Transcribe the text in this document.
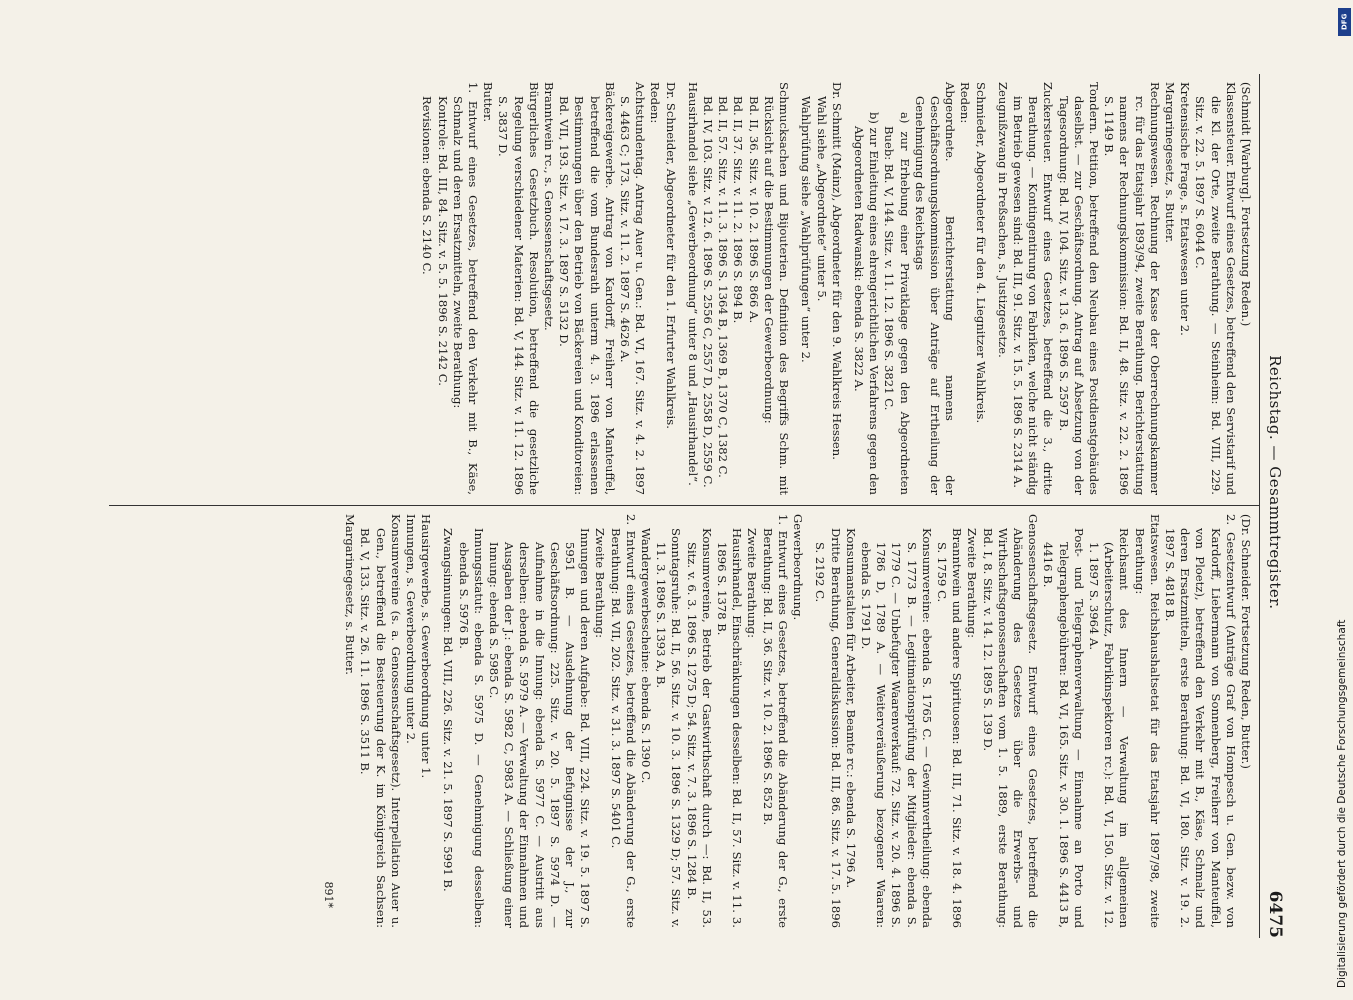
Reichstag. — Gesammtregister.
6475

(Schmidt [Warburg]. Fortsetzung Reden.)

Klassensteuer. Entwurf eines Gesetzes, betreffend den Servistarif und die Kl. der Orte, zweite Berathung. — Steinheim: Bd. VIII, 229. Sitz. v. 22. 5. 1897 S. 6044 C.

Kretensische Frage, s. Etatswesen unter 2.

Margarinegesetz, s. Butter.

Rechnungswesen. Rechnung der Kasse der Oberrechnungskammer rc. für das Etatsjahr 1893/94, zweite Berathung. Berichterstattung namens der Rechnungskommission: Bd. II, 48. Sitz. v. 22. 2. 1896 S. 1149 B.

Tondern. Petition, betreffend den Neubau eines Postdienstgebäudes daselbst. — zur Geschäftsordnung. Antrag auf Absetzung von der Tagesordnung: Bd. IV, 104. Sitz. v. 13. 6. 1896 S. 2597 B.

Zuckersteuer. Entwurf eines Gesetzes, betreffend die 3., dritte Berathung. — Kontingentirung von Fabriken, welche nicht ständig im Betrieb gewesen sind: Bd. III, 91. Sitz. v. 15. 5. 1896 S. 2314 A.

Zeugnißzwang in Preßsachen, s. Justizgesetze.

Schmieder, Abgeordneter für den 4. Liegnitzer Wahlkreis.

Reden:

Abgeordnete. Berichterstattung namens der Geschäftsordnungskommission über Anträge auf Ertheilung der Genehmigung des Reichstags

a) zur Erhebung einer Privatklage gegen den Abgeordneten Bueb: Bd. V, 144. Sitz. v. 11. 12. 1896 S. 3821 C.

b) zur Einleitung eines ehrengerichtlichen Verfahrens gegen den Abgeordneten Radwanski: ebenda S. 3822 A.

Dr. Schmitt (Mainz), Abgeordneter für den 9. Wahlkreis Hessen.

Wahl siehe „Abgeordnete“ unter 5.

Wahlprüfung siehe „Wahlprüfungen“ unter 2.

Schmucksachen und Bijouterien. Definition des Begriffs Schm. mit Rücksicht auf die Bestimmungen der Gewerbeordnung:

Bd. II, 36. Sitz. v. 10. 2. 1896 S. 866 A.

Bd. II, 37. Sitz. v. 11. 2. 1896 S. 894 B.

Bd. II, 57. Sitz. v. 11. 3. 1896 S. 1364 B, 1369 B, 1370 C, 1382 C.

Bd. IV, 103. Sitz. v. 12. 6. 1896 S. 2556 C, 2557 D, 2558 D, 2559 C.

Hausirhandel siehe „Gewerbeordnung“ unter 8 und „Hausirhandel“.

Dr. Schneider, Abgeordneter für den 1. Erfurter Wahlkreis.

Reden:

Achtstundentag. Antrag Auer u. Gen.: Bd. VI, 167. Sitz. v. 4. 2. 1897 S. 4463 C; 173. Sitz. v. 11. 2. 1897 S. 4626 A.

Bäckereigewerbe. Antrag von Kardorff, Freiherr von Manteuffel, betreffend die vom Bundesrath unterm 4. 3. 1896 erlassenen Bestimmungen über den Betrieb von Bäckereien und Konditoreien: Bd. VII, 193. Sitz. v. 17. 3. 1897 S. 5132 D.

Branntwein rc., s. Genossenschaftsgesetz.

Bürgerliches Gesetzbuch. Resolution, betreffend die gesetzliche Regelung verschiedener Materien: Bd. V, 144. Sitz. v. 11. 12. 1896 S. 3837 D.

Butter.

1. Entwurf eines Gesetzes, betreffend den Verkehr mit B., Käse, Schmalz und deren Ersatzmitteln, zweite Berathung:

Kontrole: Bd. III, 84. Sitz. v. 5. 5. 1896 S. 2142 C.

Revisionen: ebenda S. 2140 C.

(Dr. Schneider. Fortsetzung Reden, Butter.)

2. Gesetzentwurf (Anträge Graf von Hompesch u. Gen. bezw. von Kardorff, Liebermann von Sonnenberg, Freiherr von Manteuffel, von Ploetz), betreffend den Verkehr mit B., Käse, Schmalz und deren Ersatzmitteln, erste Berathung: Bd. VI, 180. Sitz. v. 19. 2. 1897 S. 4818 B.

Etatswesen. Reichshaushaltsetat für das Etatsjahr 1897/98, zweite Berathung:

Reichsamt des Innern — Verwaltung im allgemeinen (Arbeiterschutz, Fabrikinspektoren rc.): Bd. VI, 150. Sitz. v. 12. 1. 1897 S. 3964 A.

Post- und Telegraphenverwaltung — Einnahme an Porto und Telegraphengebühren: Bd. VI, 165. Sitz. v. 30. 1. 1896 S. 4413 B, 4416 B.

Genossenschaftsgesetz. Entwurf eines Gesetzes, betreffend die Abänderung des Gesetzes über die Erwerbs- und Wirthschaftsgenossenschaften vom 1. 5. 1889, erste Berathung: Bd. I, 8. Sitz. v. 14. 12. 1895 S. 139 D.

Zweite Berathung:

Branntwein und andere Spirituosen: Bd. III, 71. Sitz. v. 18. 4. 1896 S. 1759 C.

Konsumvereine: ebenda S. 1765 C. — Gewinnvertheilung: ebenda S. 1773 B. — Legitimationsprüfung der Mitglieder: ebenda S. 1779 C. — Unbefugter Waarenverkauf: 72. Sitz. v. 20. 4. 1896 S. 1786 D, 1789 A. — Weiterveräußerung bezogener Waaren: ebenda S. 1791 D.

Konsumanstalten für Arbeiter, Beamte rc.: ebenda S. 1796 A.

Dritte Berathung, Generaldiskussion: Bd. III, 86. Sitz. v. 17. 5. 1896 S. 2192 C.

Gewerbeordnung.

1. Entwurf eines Gesetzes, betreffend die Abänderung der G., erste Berathung: Bd. II, 36. Sitz. v. 10. 2. 1896 S. 852 B.

Zweite Berathung:

Hausirhandel, Einschränkungen desselben: Bd. II, 57. Sitz. v. 11. 3. 1896 S. 1378 B.

Konsumvereine, Betrieb der Gastwirthschaft durch —: Bd. II, 53. Sitz. v. 6. 3. 1896 S. 1275 D; 54. Sitz. v. 7. 3. 1896 S. 1284 B.

Sonntagsruhe: Bd. II, 56. Sitz. v. 10. 3. 1896 S. 1329 D; 57. Sitz. v. 11. 3. 1896 S. 1393 A, B.

Wandergewerbescheine: ebenda S. 1390 C.

2. Entwurf eines Gesetzes, betreffend die Abänderung der G., erste Berathung: Bd. VII, 202. Sitz. v. 31. 3. 1897 S. 5401 C.

Zweite Berathung:

Innungen und deren Aufgabe: Bd. VIII, 224. Sitz. v. 19. 5. 1897 S. 5951 B. — Ausdehnung der Befugnisse der J., zur Geschäftsordnung: 225. Sitz. v. 20. 5. 1897 S. 5974 D. — Aufnahme in die Innung: ebenda S. 5977 C. — Austritt aus derselben: ebenda S. 5979 A. — Verwaltung der Einnahmen und Ausgaben der J.: ebenda S. 5982 C, 5983 A. — Schließung einer Innung: ebenda S. 5985 C.

Innungsstatut: ebenda S. 5975 D. — Genehmigung desselben: ebenda S. 5976 B.

Zwangsinnungen: Bd. VIII, 226. Sitz. v. 21. 5. 1897 S. 5991 B.

Hausirgewerbe, s. Gewerbeordnung unter 1.

Innungen, s. Gewerbeordnung unter 2.

Konsumvereine (s. a. Genossenschaftsgesetz). Interpellation Auer u. Gen., betreffend die Besteuerung der K. im Königreich Sachsen: Bd. V, 133. Sitz. v. 26. 11. 1896 S. 3511 B.

Margarinegesetz, s. Butter.

891*
DFG
Digitalisierung gefördert durch die Deutsche Forschungsgemeinschaft
